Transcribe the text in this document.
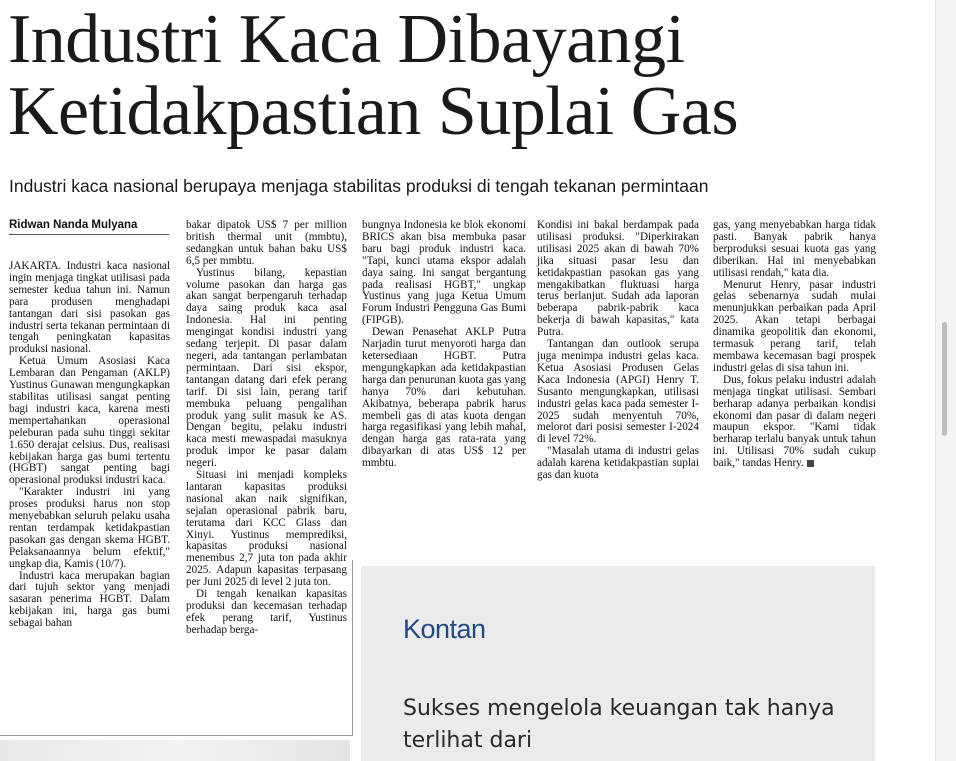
Industri Kaca Dibayangi Ketidakpastian Suplai Gas

Industri kaca nasional berupaya menjaga stabilitas produksi di tengah tekanan permintaan

Ridwan Nanda Mulyana

JAKARTA. Industri kaca nasional ingin menjaga tingkat utilisasi pada semester kedua tahun ini. Namun para produsen menghadapi tantangan dari sisi pasokan gas industri serta tekanan permintaan di tengah peningkatan kapasitas produksi nasional.

Ketua Umum Asosiasi Kaca Lembaran dan Pengaman (AKLP) Yustinus Gunawan mengungkapkan stabilitas utilisasi sangat penting bagi industri kaca, karena mesti mempertahankan operasional peleburan pada suhu tinggi sekitar 1.650 derajat celsius. Dus, realisasi kebijakan harga gas bumi tertentu (HGBT) sangat penting bagi operasional produksi industri kaca.

"Karakter industri ini yang proses produksi harus non stop menyebabkan seluruh pelaku usaha rentan terdampak ketidakpastian pasokan gas dengan skema HGBT. Pelaksanaannya belum efektif," ungkap dia, Kamis (10/7).

Industri kaca merupakan bagian dari tujuh sektor yang menjadi sasaran penerima HGBT. Dalam kebijakan ini, harga gas bumi sebagai bahan

bakar dipatok US$ 7 per million british thermal unit (mmbtu), sedangkan untuk bahan baku US$ 6,5 per mmbtu.

Yustinus bilang, kepastian volume pasokan dan harga gas akan sangat berpengaruh terhadap daya saing produk kaca asal Indonesia. Hal ini penting mengingat kondisi industri yang sedang terjepit. Di pasar dalam negeri, ada tantangan perlambatan permintaan. Dari sisi ekspor, tantangan datang dari efek perang tarif. Di sisi lain, perang tarif membuka peluang pengalihan produk yang sulit masuk ke AS. Dengan begitu, pelaku industri kaca mesti mewaspadai masuknya produk impor ke pasar dalam negeri.

Situasi ini menjadi kompleks lantaran kapasitas produksi nasional akan naik signifikan, sejalan operasional pabrik baru, terutama dari KCC Glass dan Xinyi. Yustinus memprediksi, kapasitas produksi nasional menembus 2,7 juta ton pada akhir 2025. Adapun kapasitas terpasang per Juni 2025 di level 2 juta ton.

Di tengah kenaikan kapasitas produksi dan kecemasan terhadap efek perang tarif, Yustinus berhadap berga-

bungnya Indonesia ke blok ekonomi BRICS akan bisa membuka pasar baru bagi produk industri kaca. "Tapi, kunci utama ekspor adalah daya saing. Ini sangat bergantung pada realisasi HGBT," ungkap Yustinus yang juga Ketua Umum Forum Industri Pengguna Gas Bumi (FIPGB).

Dewan Penasehat AKLP Putra Narjadin turut menyoroti harga dan ketersediaan HGBT. Putra mengungkapkan ada ketidakpastian harga dan penurunan kuota gas yang hanya 70% dari kebutuhan. Akibatnya, beberapa pabrik harus membeli gas di atas kuota dengan harga regasifikasi yang lebih mahal, dengan harga gas rata-rata yang dibayarkan di atas US$ 12 per mmbtu.

Kondisi ini bakal berdampak pada utilisasi produksi. "Diperkirakan utilisasi 2025 akan di bawah 70% jika situasi pasar lesu dan ketidakpastian pasokan gas yang mengakibatkan fluktuasi harga terus berlanjut. Sudah ada laporan beberapa pabrik-pabrik kaca bekerja di bawah kapasitas," kata Putra.

Tantangan dan outlook serupa juga menimpa industri gelas kaca. Ketua Asosiasi Produsen Gelas Kaca Indonesia (APGI) Henry T. Susanto mengungkapkan, utilisasi industri gelas kaca pada semester I-2025 sudah menyentuh 70%, melorot dari posisi semester I-2024 di level 72%.

"Masalah utama di industri gelas adalah karena ketidakpastian suplai gas dan kuota

gas, yang menyebabkan harga tidak pasti. Banyak pabrik hanya berproduksi sesuai kuota gas yang diberikan. Hal ini menyebabkan utilisasi rendah," kata dia.

Menurut Henry, pasar industri gelas sebenarnya sudah mulai menunjukkan perbaikan pada April 2025. Akan tetapi berbagai dinamika geopolitik dan ekonomi, termasuk perang tarif, telah membawa kecemasan bagi prospek industri gelas di sisa tahun ini.

Dus, fokus pelaku industri adalah menjaga tingkat utilisasi. Sembari berharap adanya perbaikan kondisi ekonomi dan pasar di dalam negeri maupun ekspor. "Kami tidak berharap terlalu banyak untuk tahun ini. Utilisasi 70% sudah cukup baik," tandas Henry.

Kontan
Sukses mengelola keuangan tak hanya terlihat dari
